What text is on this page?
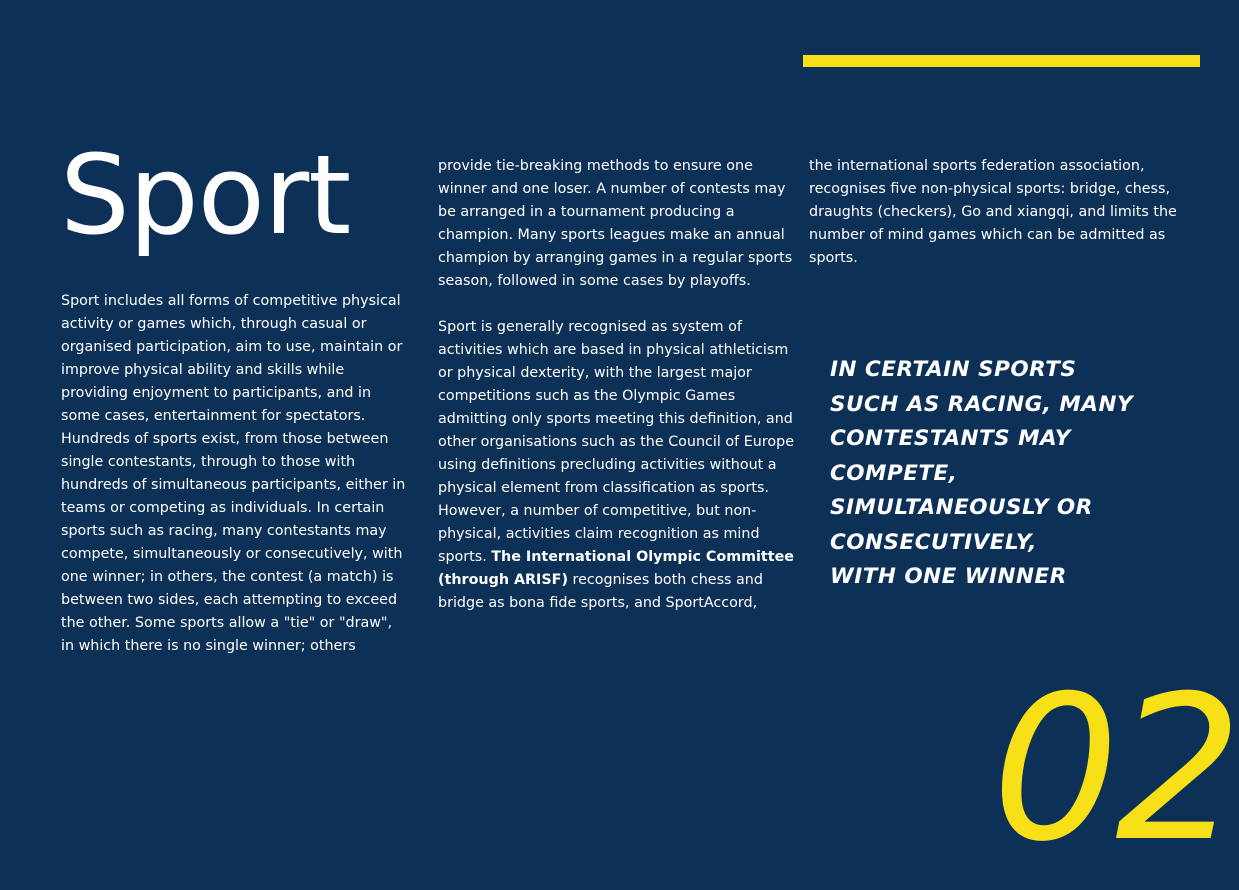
Sport

Sport includes all forms of competitive physical activity or games which, through casual or organised participation, aim to use, maintain or improve physical ability and skills while providing enjoyment to participants, and in some cases, entertainment for spectators. Hundreds of sports exist, from those between single contestants, through to those with hundreds of simultaneous participants, either in teams or competing as individuals. In certain sports such as racing, many contestants may compete, simultaneously or consecutively, with one winner; in others, the contest (a match) is between two sides, each attempting to exceed the other. Some sports allow a "tie" or "draw", in which there is no single winner; others

provide tie-breaking methods to ensure one winner and one loser. A number of contests may be arranged in a tournament producing a champion. Many sports leagues make an annual champion by arranging games in a regular sports season, followed in some cases by playoffs.

Sport is generally recognised as system of activities which are based in physical athleticism or physical dexterity, with the largest major competitions such as the Olympic Games admitting only sports meeting this definition, and other organisations such as the Council of Europe using definitions precluding activities without a physical element from classification as sports. However, a number of competitive, but non-physical, activities claim recognition as mind sports. The International Olympic Committee (through ARISF) recognises both chess and bridge as bona fide sports, and SportAccord,

the international sports federation association, recognises five non-physical sports: bridge, chess, draughts (checkers), Go and xiangqi, and limits the number of mind games which can be admitted as sports.

IN CERTAIN SPORTS
SUCH AS RACING, MANY
CONTESTANTS MAY
COMPETE,
SIMULTANEOUSLY OR
CONSECUTIVELY,
WITH ONE WINNER
02
